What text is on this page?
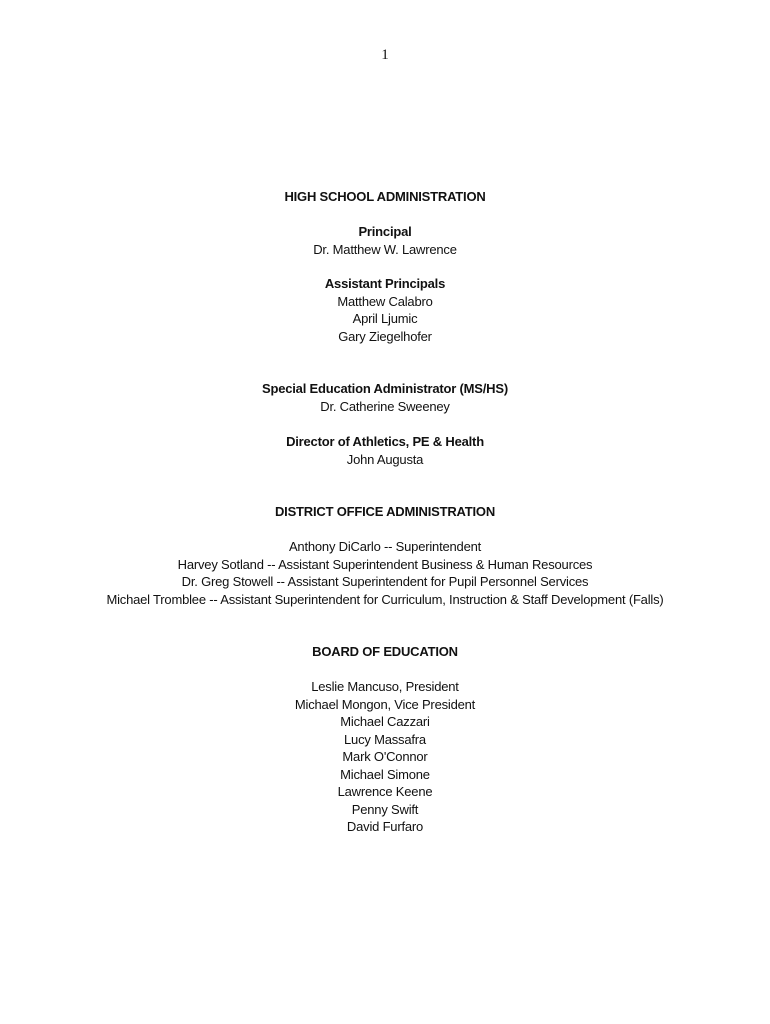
1
HIGH SCHOOL ADMINISTRATION
Principal
Dr. Matthew W. Lawrence
Assistant Principals
Matthew Calabro
April Ljumic
Gary Ziegelhofer
Special Education Administrator (MS/HS)
Dr. Catherine Sweeney
Director of Athletics, PE & Health
John Augusta
DISTRICT OFFICE ADMINISTRATION
Anthony DiCarlo -- Superintendent
Harvey Sotland -- Assistant Superintendent Business & Human Resources
Dr. Greg Stowell -- Assistant Superintendent for Pupil Personnel Services
Michael Tromblee -- Assistant Superintendent for Curriculum, Instruction & Staff Development (Falls)
BOARD OF EDUCATION
Leslie Mancuso, President
Michael Mongon, Vice President
Michael Cazzari
Lucy Massafra
Mark O'Connor
Michael Simone
Lawrence Keene
Penny Swift
David Furfaro
